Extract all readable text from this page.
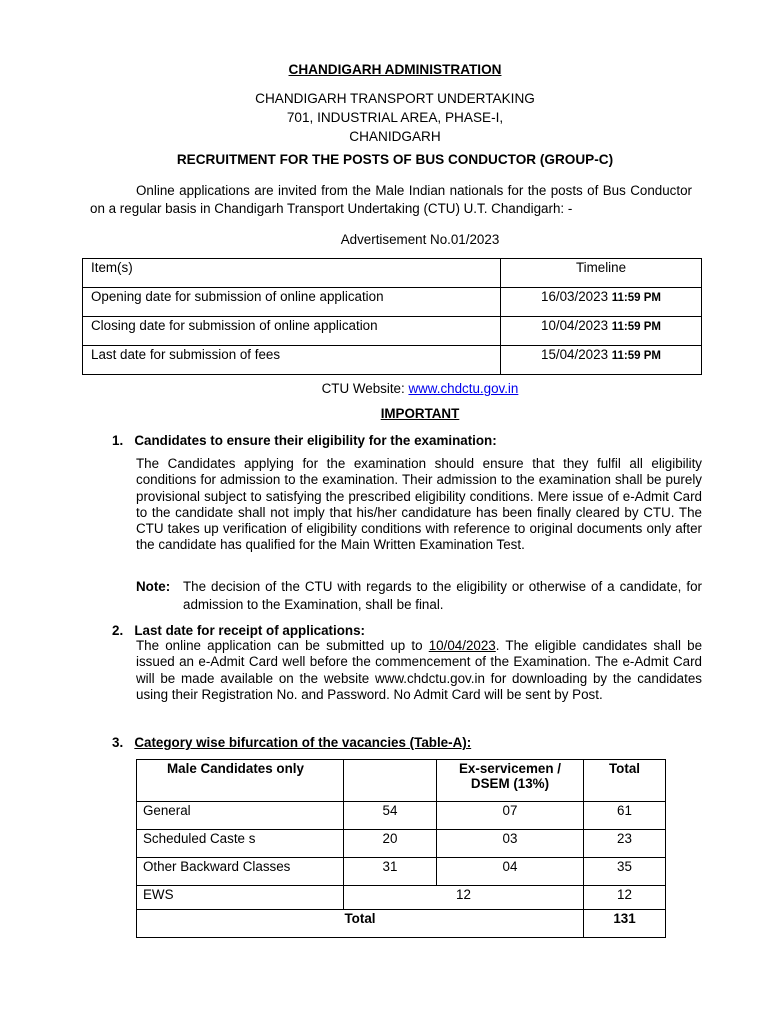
CHANDIGARH ADMINISTRATION
CHANDIGARH TRANSPORT UNDERTAKING
701, INDUSTRIAL AREA, PHASE-I,
CHANIDGARH
RECRUITMENT FOR THE POSTS OF BUS CONDUCTOR (GROUP-C)
Online applications are invited from the Male Indian nationals for the posts of Bus Conductor on a regular basis in Chandigarh Transport Undertaking (CTU) U.T. Chandigarh: -
Advertisement No.01/2023
Item(s)	Timeline
Opening date for submission of online application	16/03/2023 11:59 PM
Closing date for submission of online application	10/04/2023 11:59 PM
Last date for submission of fees	15/04/2023 11:59 PM
CTU Website: www.chdctu.gov.in
IMPORTANT
1. Candidates to ensure their eligibility for the examination:
The Candidates applying for the examination should ensure that they fulfil all eligibility conditions for admission to the examination. Their admission to the examination shall be purely provisional subject to satisfying the prescribed eligibility conditions. Mere issue of e-Admit Card to the candidate shall not imply that his/her candidature has been finally cleared by CTU. The CTU takes up verification of eligibility conditions with reference to original documents only after the candidate has qualified for the Main Written Examination Test.
Note: The decision of the CTU with regards to the eligibility or otherwise of a candidate, for admission to the Examination, shall be final.
2. Last date for receipt of applications:
The online application can be submitted up to 10/04/2023. The eligible candidates shall be issued an e-Admit Card well before the commencement of the Examination. The e-Admit Card will be made available on the website www.chdctu.gov.in for downloading by the candidates using their Registration No. and Password. No Admit Card will be sent by Post.
3. Category wise bifurcation of the vacancies (Table-A):
Male Candidates only		Ex-servicemen / DSEM (13%)	Total
General	54	07	61
Scheduled Caste s	20	03	23
Other Backward Classes	31	04	35
EWS	12		12
Total			131
